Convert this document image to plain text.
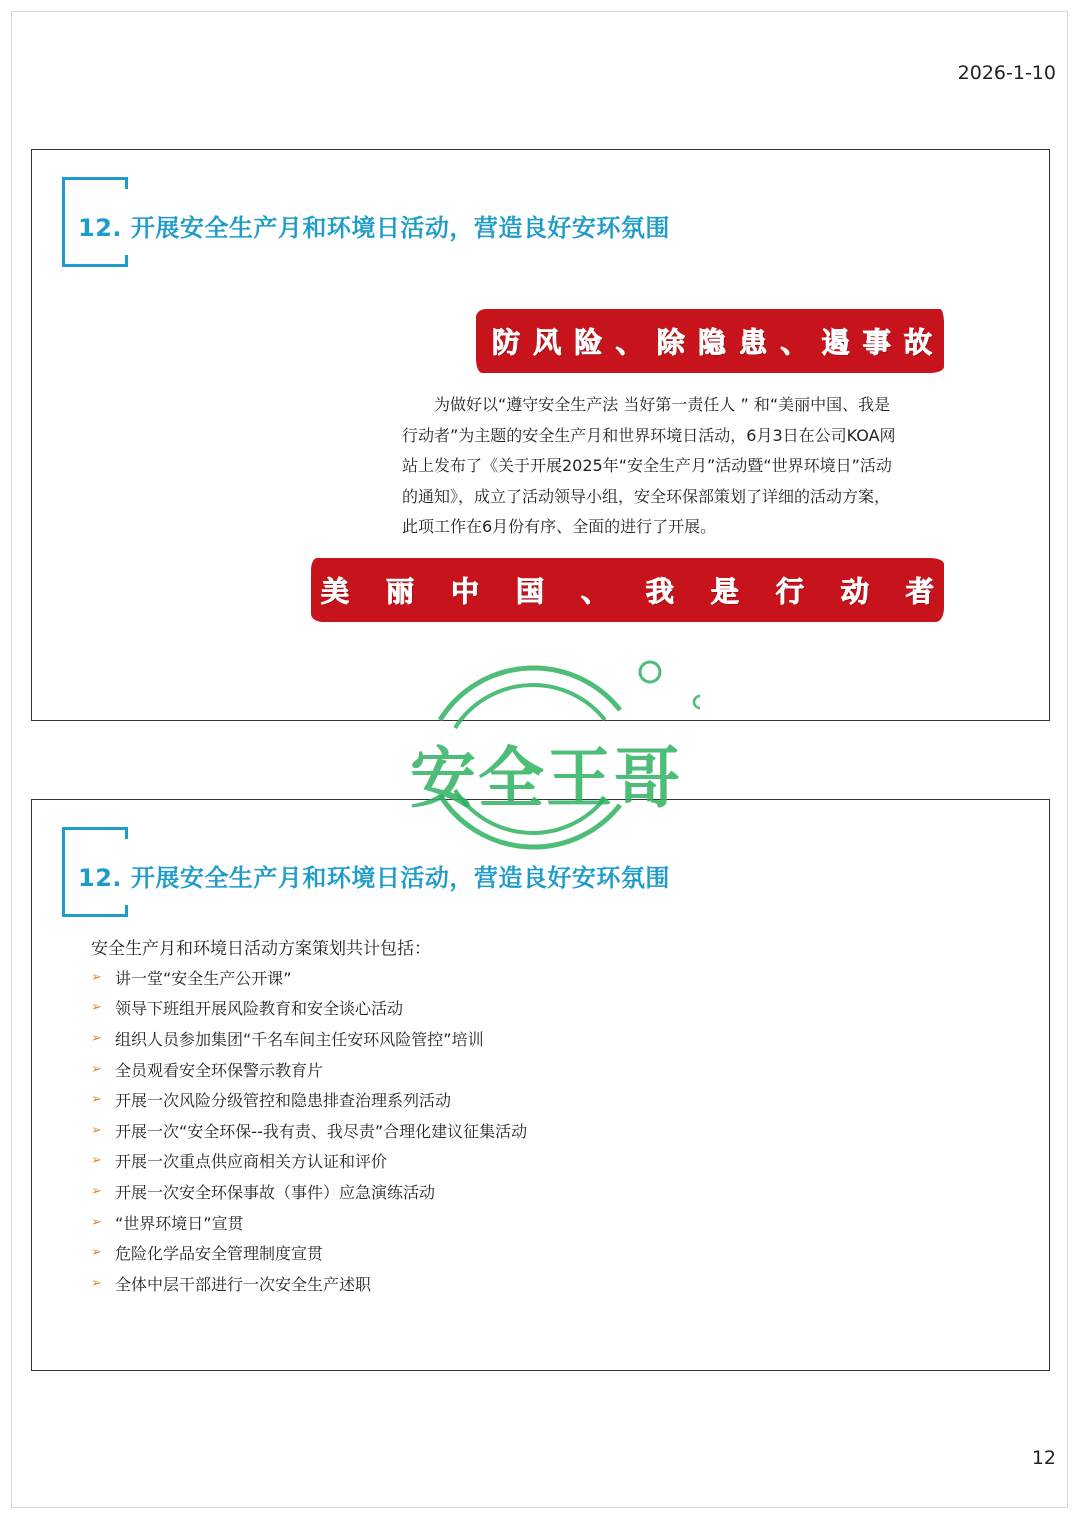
2026-1-10
12. 开展安全生产月和环境日活动，营造良好安环氛围
防 风 险 、 除 隐 患 、 遏 事 故
为做好以“遵守安全生产法 当好第一责任人 ” 和“美丽中国、我是行动者”为主题的安全生产月和世界环境日活动，6月3日在公司KOA网站上发布了《关于开展2025年“安全生产月”活动暨“世界环境日”活动的通知》，成立了活动领导小组，安全环保部策划了详细的活动方案，此项工作在6月份有序、全面的进行了开展。
美 丽 中 国 、 我 是 行 动 者
12. 开展安全生产月和环境日活动，营造良好安环氛围
安全生产月和环境日活动方案策划共计包括：
➢ 讲一堂“安全生产公开课”
➢ 领导下班组开展风险教育和安全谈心活动
➢ 组织人员参加集团“千名车间主任安环风险管控”培训
➢ 全员观看安全环保警示教育片
➢ 开展一次风险分级管控和隐患排查治理系列活动
➢ 开展一次“安全环保--我有责、我尽责”合理化建议征集活动
➢ 开展一次重点供应商相关方认证和评价
➢ 开展一次安全环保事故（事件）应急演练活动
➢ “世界环境日”宣贯
➢ 危险化学品安全管理制度宣贯
➢ 全体中层干部进行一次安全生产述职
安全王哥
12
